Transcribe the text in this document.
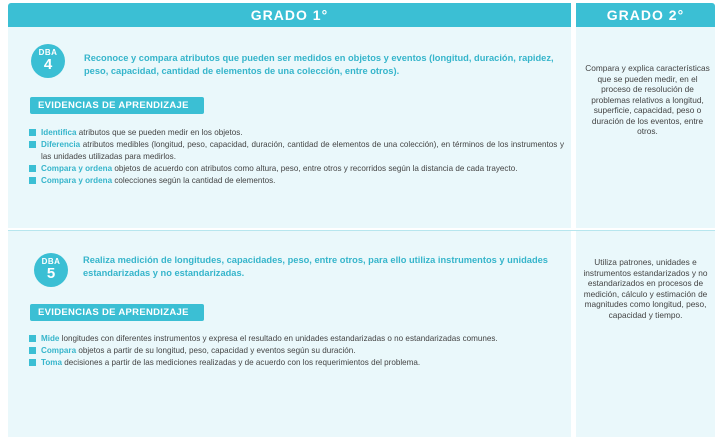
GRADO 1°	GRADO 2°
DBA
4	Reconoce y compara atributos que pueden ser medidos en objetos y eventos (longitud, duración, rapidez, peso, capacidad, cantidad de elementos de una colección, entre otros).
EVIDENCIAS DE APRENDIZAJE
Identifica atributos que se pueden medir en los objetos.
Diferencia atributos medibles (longitud, peso, capacidad, duración, cantidad de elementos de una colección), en términos de los instrumentos y las unidades utilizadas para medirlos.
Compara y ordena objetos de acuerdo con atributos como altura, peso, entre otros y recorridos según la distancia de cada trayecto.
Compara y ordena colecciones según la cantidad de elementos.
Compara y explica características que se pueden medir, en el proceso de resolución de problemas relativos a longitud, superficie, capacidad, peso o duración de los eventos, entre otros.
DBA
5
Realiza medición de longitudes, capacidades, peso, entre otros, para ello utiliza instrumentos y unidades estandarizadas y no estandarizadas.
EVIDENCIAS DE APRENDIZAJE
Mide longitudes con diferentes instrumentos y expresa el resultado en unidades estandarizadas o no estandarizadas comunes.
Compara objetos a partir de su longitud, peso, capacidad y eventos según su duración.
Toma decisiones a partir de las mediciones realizadas y de acuerdo con los requerimientos del problema.
Utiliza patrones, unidades e instrumentos estandarizados y no estandarizados en procesos de medición, cálculo y estimación de magnitudes como longitud, peso, capacidad y tiempo.
